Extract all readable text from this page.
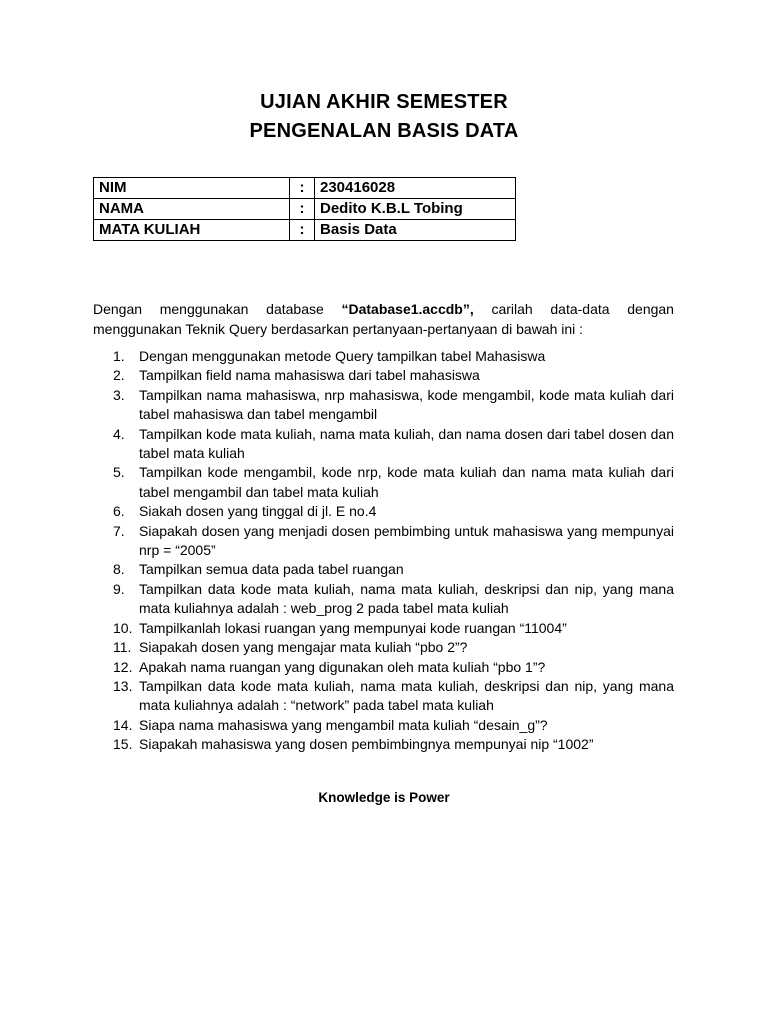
UJIAN AKHIR SEMESTER
PENGENALAN BASIS DATA
NIM	:	230416028
NAMA	:	Dedito K.B.L Tobing
MATA KULIAH	:	Basis Data
Dengan menggunakan database “Database1.accdb”, carilah data-data dengan
menggunakan Teknik Query berdasarkan pertanyaan-pertanyaan di bawah ini :
1.	Dengan menggunakan metode Query tampilkan tabel Mahasiswa
2.	Tampilkan field nama mahasiswa dari tabel mahasiswa
3.	Tampilkan nama mahasiswa, nrp mahasiswa, kode mengambil, kode mata kuliah dari tabel mahasiswa dan tabel mengambil
4.	Tampilkan kode mata kuliah, nama mata kuliah, dan nama dosen dari tabel dosen dan tabel mata kuliah
5.	Tampilkan kode mengambil, kode nrp, kode mata kuliah dan nama mata kuliah dari tabel mengambil dan tabel mata kuliah
6.	Siakah dosen yang tinggal di jl. E no.4
7.	Siapakah dosen yang menjadi dosen pembimbing untuk mahasiswa yang mempunyai nrp = “2005”
8.	Tampilkan semua data pada tabel ruangan
9.	Tampilkan data kode mata kuliah, nama mata kuliah, deskripsi dan nip, yang mana mata kuliahnya adalah : web_prog 2 pada tabel mata kuliah
10. Tampilkanlah lokasi ruangan yang mempunyai kode ruangan “11004”
11. Siapakah dosen yang mengajar mata kuliah “pbo 2”?
12. Apakah nama ruangan yang digunakan oleh mata kuliah “pbo 1”?
13. Tampilkan data kode mata kuliah, nama mata kuliah, deskripsi dan nip, yang mana mata kuliahnya adalah : “network” pada tabel mata kuliah
14. Siapa nama mahasiswa yang mengambil mata kuliah “desain_g”?
15. Siapakah mahasiswa yang dosen pembimbingnya mempunyai nip “1002”
Knowledge is Power
